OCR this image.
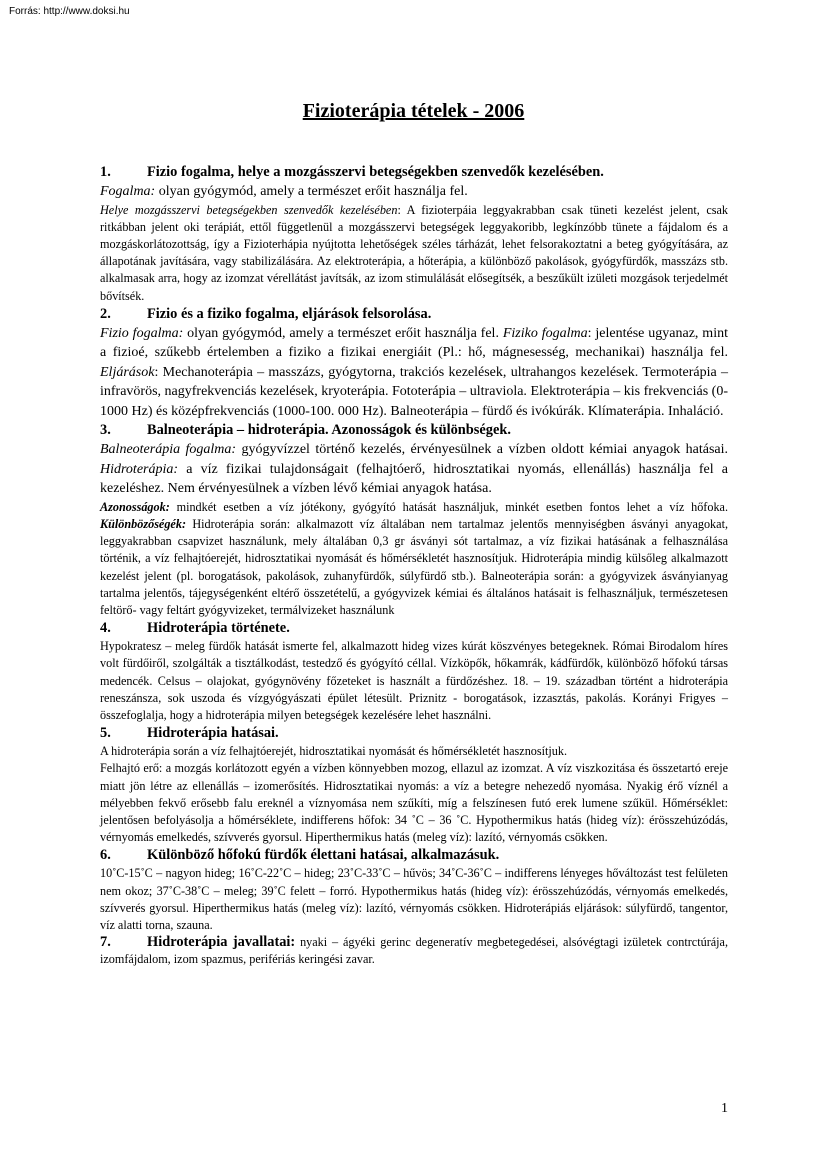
Forrás: http://www.doksi.hu
Fizioterápia tételek - 2006
1.	Fizio fogalma, helye a mozgásszervi betegségekben szenvedők kezelésében.

Fogalma: olyan gyógymód, amely a természet erőit használja fel.

Helye mozgásszervi betegségekben szenvedők kezelésében: A fizioterpáia leggyakrabban csak tüneti kezelést jelent, csak ritkábban jelent oki terápiát, ettől függetlenül a mozgásszervi betegségek leggyakoribb, legkínzóbb tünete a fájdalom és a mozgáskorlátozottság, így a Fizioterhápia nyújtotta lehetőségek széles tárházát, lehet felsorakoztatni a beteg gyógyítására, az állapotának javítására, vagy stabilizálására. Az elektroterápia, a hőterápia, a különböző pakolások, gyógyfürdők, masszázs stb. alkalmasak arra, hogy az izomzat vérellátást javítsák, az izom stimulálását elősegítsék, a beszűkült izületi mozgások terjedelmét bővítsék.

2.	Fizio és a fiziko fogalma, eljárások felsorolása.

Fizio fogalma: olyan gyógymód, amely a természet erőit használja fel. Fiziko fogalma: jelentése ugyanaz, mint a fizioé, szűkebb értelemben a fiziko a fizikai energiáit (Pl.: hő, mágnesesség, mechanikai) használja fel. Eljárások: Mechanoterápia – masszázs, gyógytorna, trakciós kezelések, ultrahangos kezelések. Termoterápia – infravörös, nagyfrekvenciás kezelések, kryoterápia. Fototerápia – ultraviola. Elektroterápia – kis frekvenciás (0-1000 Hz) és középfrekvenciás (1000-100. 000 Hz). Balneoterápia – fürdő és ivókúrák. Klímaterápia. Inhaláció.

3.	Balneoterápia – hidroterápia. Azonosságok és különbségek.

Balneoterápia fogalma: gyógyvízzel történő kezelés, érvényesülnek a vízben oldott kémiai anyagok hatásai. Hidroterápia: a víz fizikai tulajdonságait (felhajtóerő, hidrosztatikai nyomás, ellenállás) használja fel a kezeléshez. Nem érvényesülnek a vízben lévő kémiai anyagok hatása.

Azonosságok: mindkét esetben a víz jótékony, gyógyító hatását használjuk, minkét esetben fontos lehet a víz hőfoka. Különbözőségék: Hidroterápia során: alkalmazott víz általában nem tartalmaz jelentős mennyiségben ásványi anyagokat, leggyakrabban csapvizet használunk, mely általában 0,3 gr ásványi sót tartalmaz, a víz fizikai hatásának a felhasználása történik, a víz felhajtóerejét, hidrosztatikai nyomását és hőmérsékletét hasznosítjuk. Hidroterápia mindig külsőleg alkalmazott kezelést jelent (pl. borogatások, pakolások, zuhanyfürdők, súlyfürdő stb.). Balneoterápia során: a gyógyvizek ásványianyag tartalma jelentős, tájegységenként eltérő összetételű, a gyógyvizek kémiai és általános hatásait is felhasználjuk, természetesen feltörő- vagy feltárt gyógyvizeket, termálvizeket használunk

4.	Hidroterápia története.

Hypokratesz – meleg fürdők hatását ismerte fel, alkalmazott hideg vizes kúrát köszvényes betegeknek. Római Birodalom híres volt fürdőiről, szolgálták a tisztálkodást, testedző és gyógyító céllal. Vízköpők, hőkamrák, kádfürdők, különböző hőfokú társas medencék. Celsus – olajokat, gyógynövény főzeteket is használt a fürdőzéshez. 18. – 19. században történt a hidroterápia reneszánsza, sok uszoda és vízgyógyászati épület létesült. Priznitz - borogatások, izzasztás, pakolás. Korányi Frigyes – összefoglalja, hogy a hidroterápia milyen betegségek kezelésére lehet használni.

5.	Hidroterápia hatásai.

A hidroterápia során a víz felhajtóerejét, hidrosztatikai nyomását és hőmérsékletét hasznosítjuk.

Felhajtó erő: a mozgás korlátozott egyén a vízben könnyebben mozog, ellazul az izomzat. A víz viszkozitása és összetartó ereje miatt jön létre az ellenállás – izomerősítés. Hidrosztatikai nyomás: a víz a betegre nehezedő nyomása. Nyakig érő víznél a mélyebben fekvő erősebb falu ereknél a víznyomása nem szűkíti, míg a felszínesen futó erek lumene szűkül. Hőmérséklet: jelentősen befolyásolja a hőmérséklete, indifferens hőfok: 34 ˚C – 36 ˚C. Hypothermikus hatás (hideg víz): érösszehúzódás, vérnyomás emelkedés, szívverés gyorsul. Hiperthermikus hatás (meleg víz): lazító, vérnyomás csökken.

6.	Különböző hőfokú fürdők élettani hatásai, alkalmazásuk.

10˚C-15˚C – nagyon hideg; 16˚C-22˚C – hideg; 23˚C-33˚C – hűvös; 34˚C-36˚C – indifferens lényeges hőváltozást test felületen nem okoz; 37˚C-38˚C – meleg; 39˚C felett – forró. Hypothermikus hatás (hideg víz): érösszehúzódás, vérnyomás emelkedés, szívverés gyorsul. Hiperthermikus hatás (meleg víz): lazító, vérnyomás csökken. Hidroterápiás eljárások: súlyfürdő, tangentor, víz alatti torna, szauna.

7.	Hidroterápia javallatai: nyaki – ágyéki gerinc degeneratív megbetegedései, alsóvégtagi izületek contrctúrája, izomfájdalom, izom spazmus, perifériás keringési zavar.

1
